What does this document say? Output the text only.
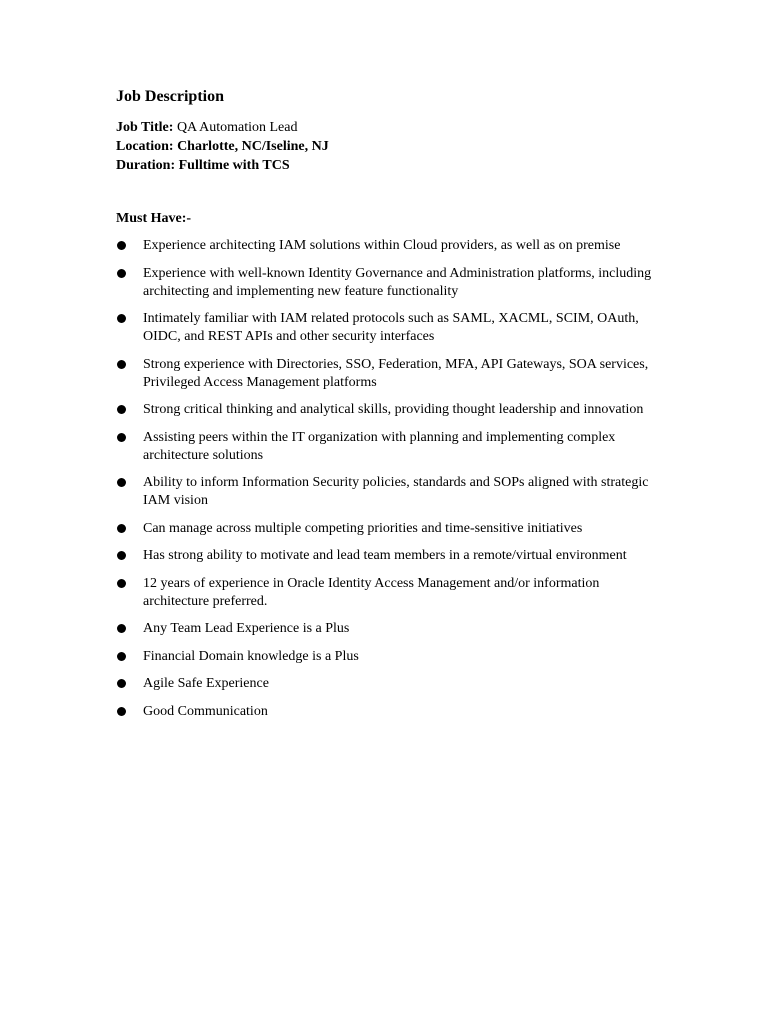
Job Description
Job Title: QA Automation Lead
Location: Charlotte, NC/Iseline, NJ
Duration: Fulltime with TCS
Must Have:-
Experience architecting IAM solutions within Cloud providers, as well as on premise
Experience with well-known Identity Governance and Administration platforms, including architecting and implementing new feature functionality
Intimately familiar with IAM related protocols such as SAML, XACML, SCIM, OAuth, OIDC, and REST APIs and other security interfaces
Strong experience with Directories, SSO, Federation, MFA, API Gateways, SOA services, Privileged Access Management platforms
Strong critical thinking and analytical skills, providing thought leadership and innovation
Assisting peers within the IT organization with planning and implementing complex architecture solutions
Ability to inform Information Security policies, standards and SOPs aligned with strategic IAM vision
Can manage across multiple competing priorities and time-sensitive initiatives
Has strong ability to motivate and lead team members in a remote/virtual environment
12 years of experience in Oracle Identity Access Management and/or information architecture preferred.
Any Team Lead Experience is a Plus
Financial Domain knowledge is a Plus
Agile Safe Experience
Good Communication
